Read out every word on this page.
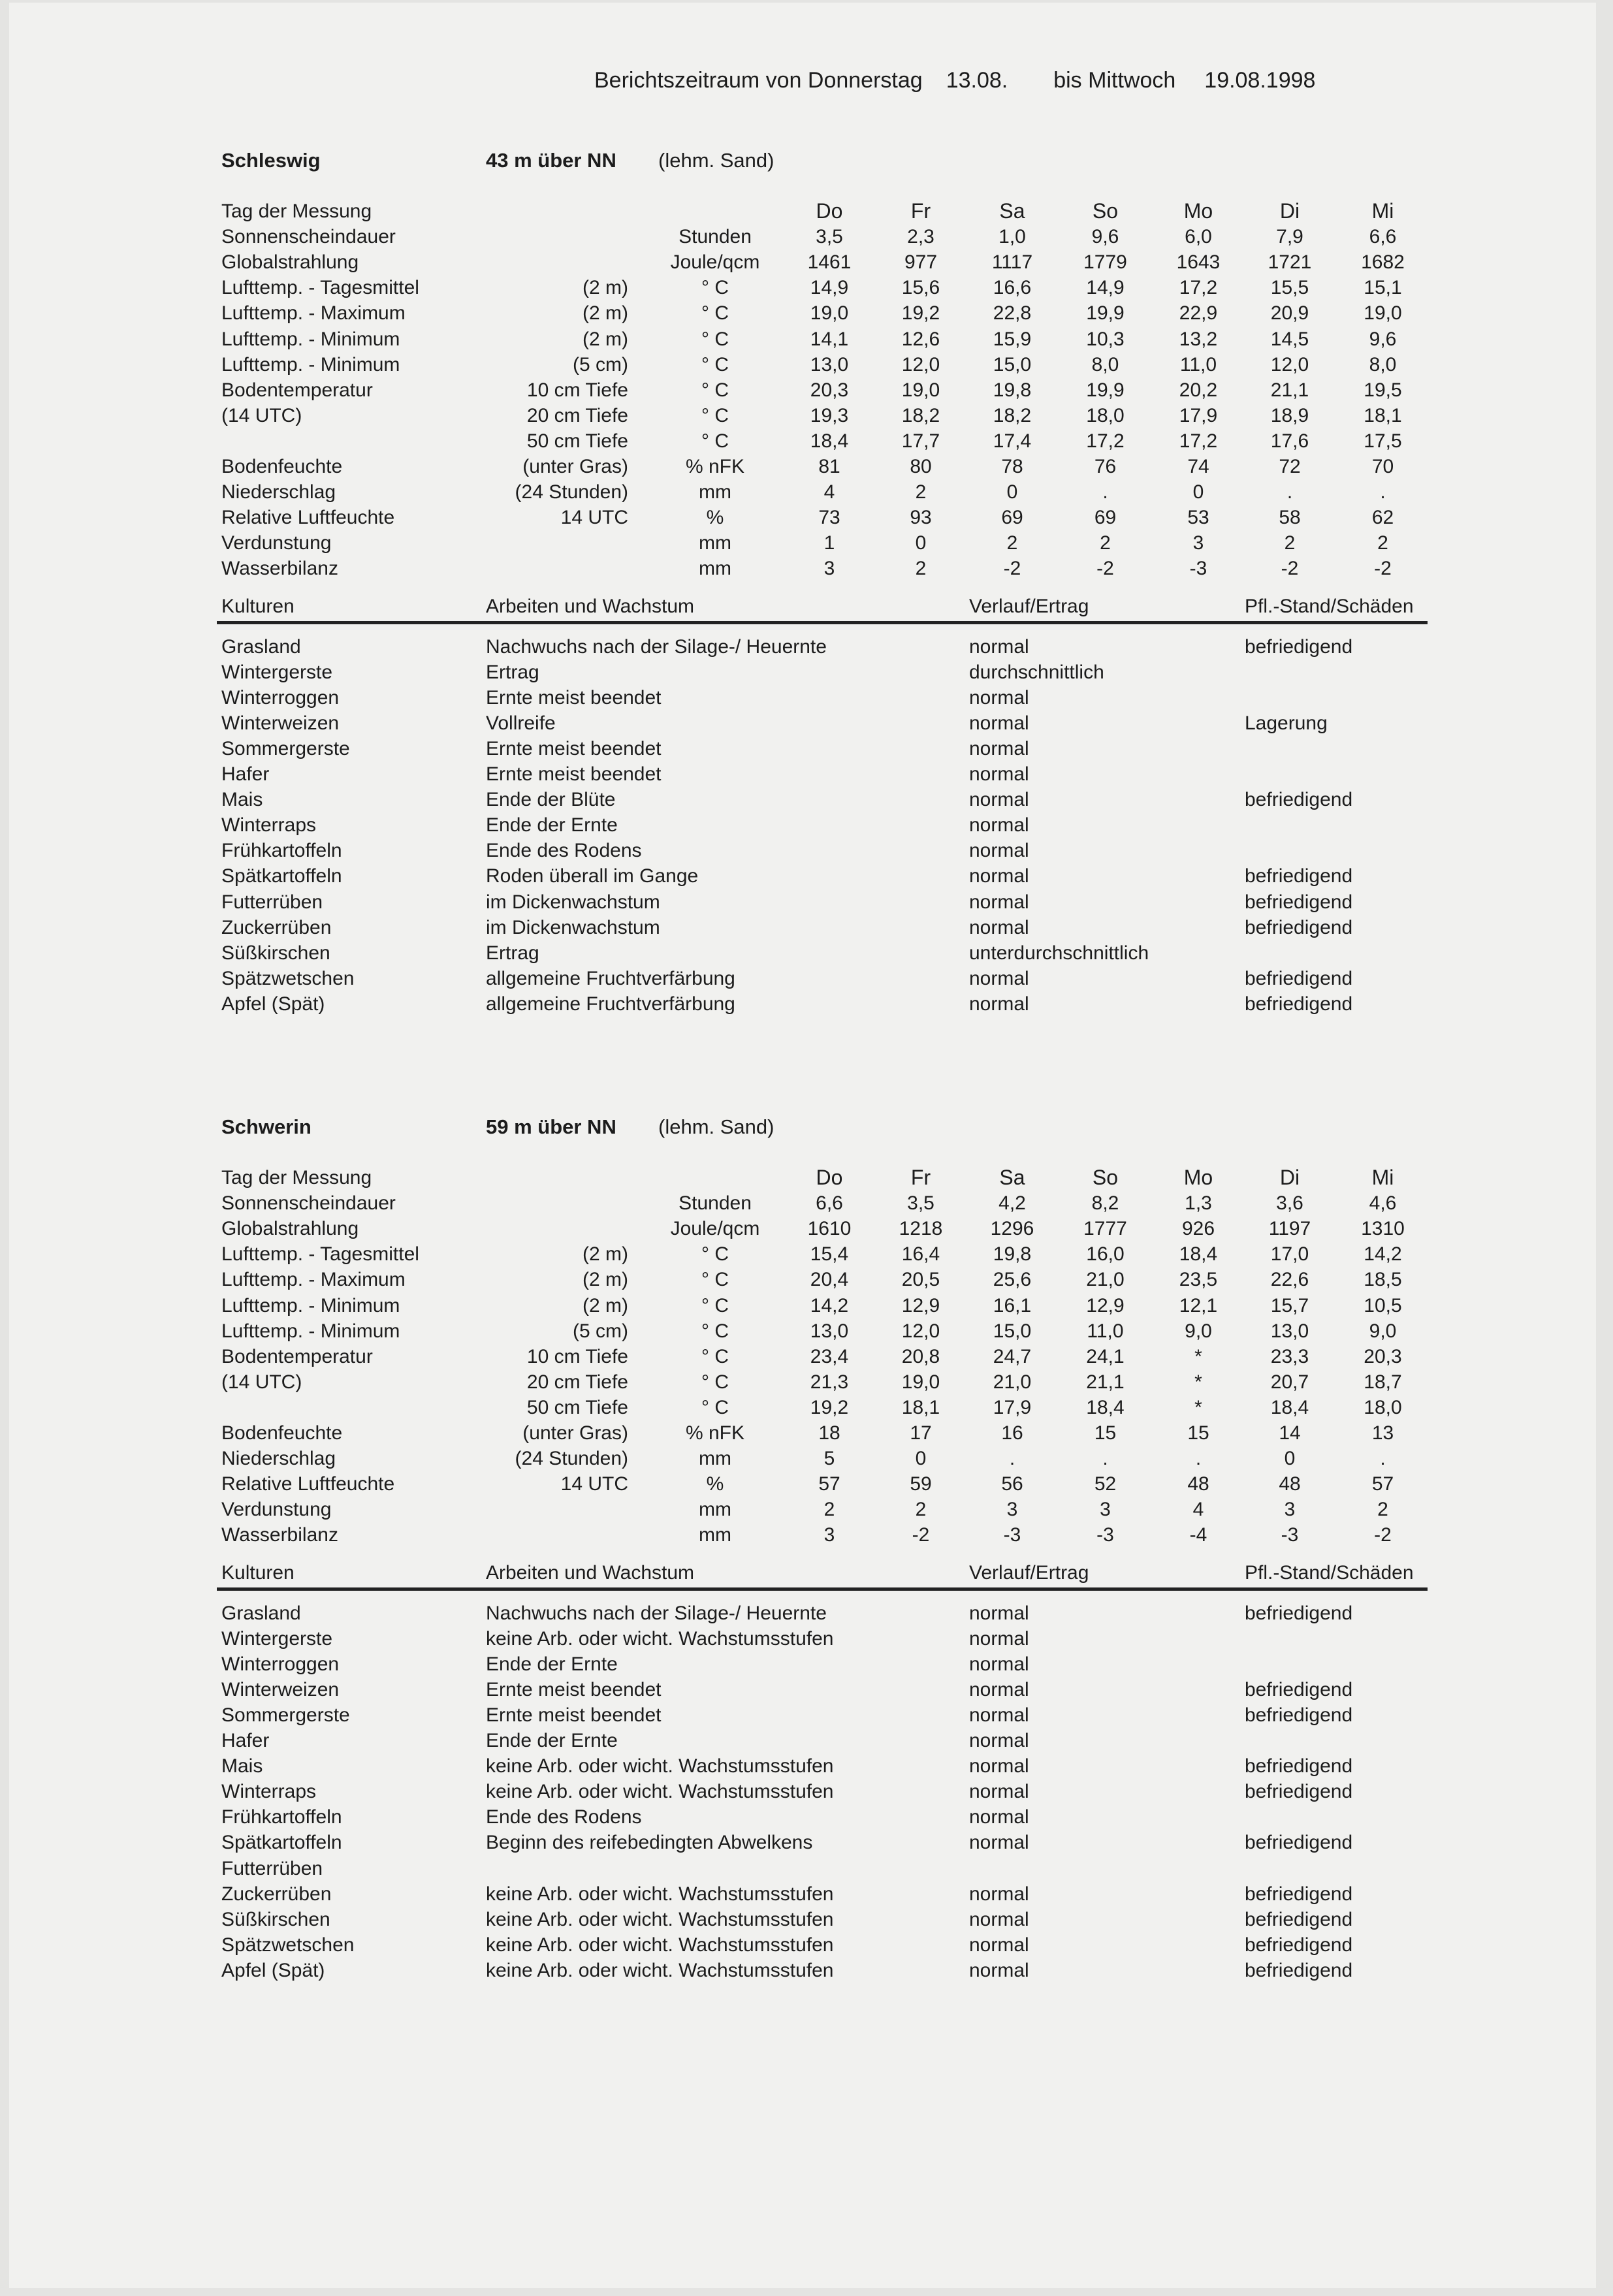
Berichtszeitraum von Donnerstag 13.08. bis Mittwoch 19.08.1998
Schleswig	43 m über NN (lehm. Sand)
Tag der Messung	Do	Fr	Sa	So	Mo	Di	Mi
Sonnenscheindauer	Stunden	3,5	2,3	1,0	9,6	6,0	7,9	6,6
Globalstrahlung	Joule/qcm	1461	977	1117	1779	1643	1721	1682
Lufttemp. - Tagesmittel	(2 m)	° C	14,9	15,6	16,6	14,9	17,2	15,5	15,1
Lufttemp. - Maximum	(2 m)	° C	19,0	19,2	22,8	19,9	22,9	20,9	19,0
Lufttemp. - Minimum	(2 m)	° C	14,1	12,6	15,9	10,3	13,2	14,5	9,6
Lufttemp. - Minimum	(5 cm)	° C	13,0	12,0	15,0	8,0	11,0	12,0	8,0
Bodentemperatur	10 cm Tiefe	° C	20,3	19,0	19,8	19,9	20,2	21,1	19,5
(14 UTC)	20 cm Tiefe	° C	19,3	18,2	18,2	18,0	17,9	18,9	18,1
50 cm Tiefe	° C	18,4	17,7	17,4	17,2	17,2	17,6	17,5
Bodenfeuchte	(unter Gras)	% nFK	81	80	78	76	74	72	70
Niederschlag	(24 Stunden)	mm	4	2	0	.	0	.	.
Relative Luftfeuchte	14 UTC	%	73	93	69	69	53	58	62
Verdunstung	mm	1	0	2	2	3	2	2
Wasserbilanz	mm	3	2	-2	-2	-3	-2	-2
Kulturen	Arbeiten und Wachstum	Verlauf/Ertrag	Pfl.-Stand/Schäden
Grasland	Nachwuchs nach der Silage-/ Heuernte	normal	befriedigend
Wintergerste	Ertrag	durchschnittlich
Winterroggen	Ernte meist beendet	normal
Winterweizen	Vollreife	normal	Lagerung
Sommergerste	Ernte meist beendet	normal
Hafer	Ernte meist beendet	normal
Mais	Ende der Blüte	normal	befriedigend
Winterraps	Ende der Ernte	normal
Frühkartoffeln	Ende des Rodens	normal
Spätkartoffeln	Roden überall im Gange	normal	befriedigend
Futterrüben	im Dickenwachstum	normal	befriedigend
Zuckerrüben	im Dickenwachstum	normal	befriedigend
Süßkirschen	Ertrag	unterdurchschnittlich
Spätzwetschen	allgemeine Fruchtverfärbung	normal	befriedigend
Apfel (Spät)	allgemeine Fruchtverfärbung	normal	befriedigend
Schwerin	59 m über NN (lehm. Sand)
Tag der Messung	Do	Fr	Sa	So	Mo	Di	Mi
Sonnenscheindauer	Stunden	6,6	3,5	4,2	8,2	1,3	3,6	4,6
Globalstrahlung	Joule/qcm	1610	1218	1296	1777	926	1197	1310
Lufttemp. - Tagesmittel	(2 m)	° C	15,4	16,4	19,8	16,0	18,4	17,0	14,2
Lufttemp. - Maximum	(2 m)	° C	20,4	20,5	25,6	21,0	23,5	22,6	18,5
Lufttemp. - Minimum	(2 m)	° C	14,2	12,9	16,1	12,9	12,1	15,7	10,5
Lufttemp. - Minimum	(5 cm)	° C	13,0	12,0	15,0	11,0	9,0	13,0	9,0
Bodentemperatur	10 cm Tiefe	° C	23,4	20,8	24,7	24,1	*	23,3	20,3
(14 UTC)	20 cm Tiefe	° C	21,3	19,0	21,0	21,1	*	20,7	18,7
50 cm Tiefe	° C	19,2	18,1	17,9	18,4	*	18,4	18,0
Bodenfeuchte	(unter Gras)	% nFK	18	17	16	15	15	14	13
Niederschlag	(24 Stunden)	mm	5	0	.	.	.	0	.
Relative Luftfeuchte	14 UTC	%	57	59	56	52	48	48	57
Verdunstung	mm	2	2	3	3	4	3	2
Wasserbilanz	mm	3	-2	-3	-3	-4	-3	-2
Kulturen	Arbeiten und Wachstum	Verlauf/Ertrag	Pfl.-Stand/Schäden
Grasland	Nachwuchs nach der Silage-/ Heuernte	normal	befriedigend
Wintergerste	keine Arb. oder wicht. Wachstumsstufen	normal
Winterroggen	Ende der Ernte	normal
Winterweizen	Ernte meist beendet	normal	befriedigend
Sommergerste	Ernte meist beendet	normal	befriedigend
Hafer	Ende der Ernte	normal
Mais	keine Arb. oder wicht. Wachstumsstufen	normal	befriedigend
Winterraps	keine Arb. oder wicht. Wachstumsstufen	normal	befriedigend
Frühkartoffeln	Ende des Rodens	normal
Spätkartoffeln	Beginn des reifebedingten Abwelkens	normal	befriedigend
Futterrüben
Zuckerrüben	keine Arb. oder wicht. Wachstumsstufen	normal	befriedigend
Süßkirschen	keine Arb. oder wicht. Wachstumsstufen	normal	befriedigend
Spätzwetschen	keine Arb. oder wicht. Wachstumsstufen	normal	befriedigend
Apfel (Spät)	keine Arb. oder wicht. Wachstumsstufen	normal	befriedigend
